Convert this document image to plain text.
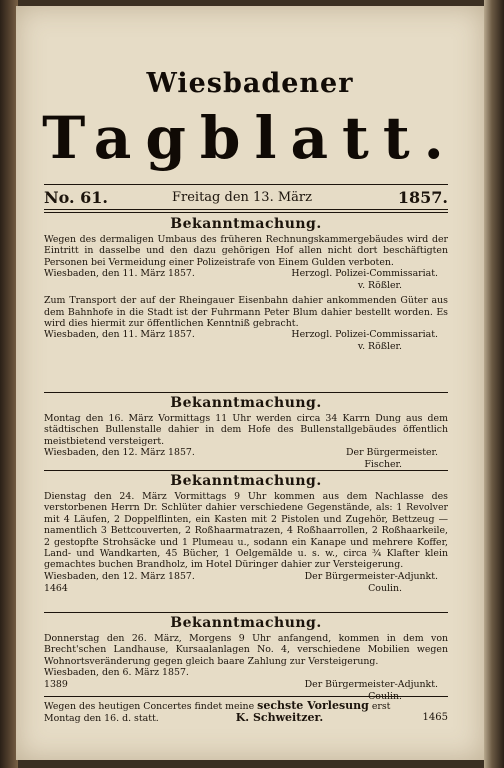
Wiesbadener
Tagblatt.
No. 61.	Freitag den 13. März	1857.

Bekanntmachung.

Wegen des dermaligen Umbaus des früheren Rechnungskammergebäudes wird der Eintritt in dasselbe und den dazu gehörigen Hof allen nicht dort beschäftigten Personen bei Vermeidung einer Polizeistrafe von Einem Gulden verboten.

Wiesbaden, den 11. März 1857.	Herzogl. Polizei-Commissariat.
v. Rößler.

Zum Transport der auf der Rheingauer Eisenbahn dahier ankommenden Güter aus dem Bahnhofe in die Stadt ist der Fuhrmann Peter Blum dahier bestellt worden. Es wird dies hiermit zur öffentlichen Kenntniß gebracht.

Wiesbaden, den 11. März 1857.	Herzogl. Polizei-Commissariat.
v. Rößler.

Bekanntmachung.

Montag den 16. März Vormittags 11 Uhr werden circa 34 Karrn Dung aus dem städtischen Bullenstalle dahier in dem Hofe des Bullenstallgebäudes öffentlich meistbietend versteigert.

Wiesbaden, den 12. März 1857.	Der Bürgermeister.
Fischer.

Bekanntmachung.

Dienstag den 24. März Vormittags 9 Uhr kommen aus dem Nachlasse des verstorbenen Herrn Dr. Schlüter dahier verschiedene Gegenstände, als: 1 Revolver mit 4 Läufen, 2 Doppelflinten, ein Kasten mit 2 Pistolen und Zugehör, Bettzeug — namentlich 3 Bettcouverten, 2 Roßhaarmatrazen, 4 Roßhaarrollen, 2 Roßhaarkeile, 2 gestopfte Strohsäcke und 1 Plumeau u., sodann ein Kanape und mehrere Koffer, Land- und Wandkarten, 45 Bücher, 1 Oelgemälde u. s. w., circa ¾ Klafter klein gemachtes buchen Brandholz, im Hotel Düringer dahier zur Versteigerung.

Wiesbaden, den 12. März 1857.	Der Bürgermeister-Adjunkt.
1464	Coulin.

Bekanntmachung.

Donnerstag den 26. März, Morgens 9 Uhr anfangend, kommen in dem von Brecht'schen Landhause, Kursaalanlagen No. 4, verschiedene Mobilien wegen Wohnortsveränderung gegen gleich baare Zahlung zur Versteigerung.

Wiesbaden, den 6. März 1857.
1389	Der Bürgermeister-Adjunkt.
Coulin.
Wegen des heutigen Concertes findet meine sechste Vorlesung erst
Montag den 16. d. statt.	K. Schweitzer.	1465
